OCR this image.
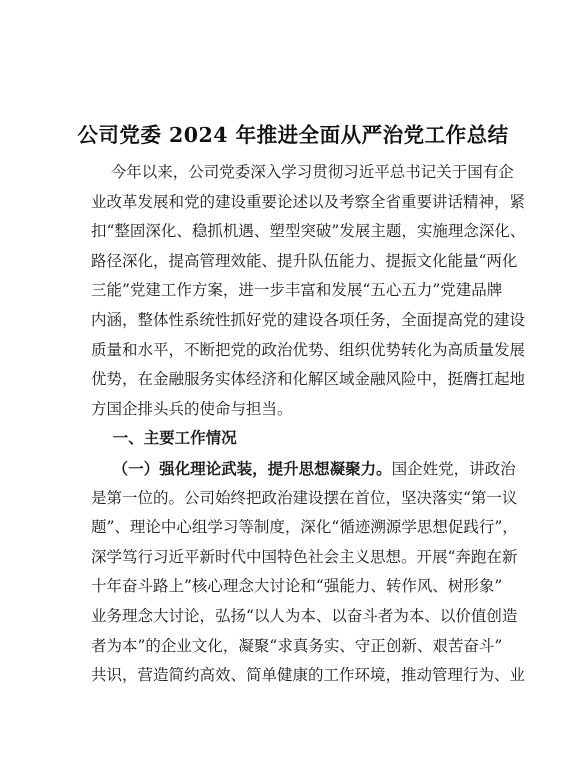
公司党委 2024 年推进全面从严治党工作总结
今年以来，公司党委深入学习贯彻习近平总书记关于国有企
业改革发展和党的建设重要论述以及考察全省重要讲话精神，紧
扣“整固深化、稳抓机遇、塑型突破”发展主题，实施理念深化、
路径深化，提高管理效能、提升队伍能力、提振文化能量“两化
三能”党建工作方案，进一步丰富和发展“五心五力”党建品牌
内涵，整体性系统性抓好党的建设各项任务，全面提高党的建设
质量和水平，不断把党的政治优势、组织优势转化为高质量发展
优势，在金融服务实体经济和化解区域金融风险中，挺膺扛起地
方国企排头兵的使命与担当。
一、主要工作情况
（一）强化理论武装，提升思想凝聚力。国企姓党，讲政治
是第一位的。公司始终把政治建设摆在首位，坚决落实“第一议
题”、理论中心组学习等制度，深化“循迹溯源学思想促践行”，
深学笃行习近平新时代中国特色社会主义思想。开展“奔跑在新
十年奋斗路上”核心理念大讨论和“强能力、转作风、树形象”
业务理念大讨论，弘扬“以人为本、以奋斗者为本、以价值创造
者为本”的企业文化，凝聚“求真务实、守正创新、艰苦奋斗”
共识，营造简约高效、简单健康的工作环境，推动管理行为、业
